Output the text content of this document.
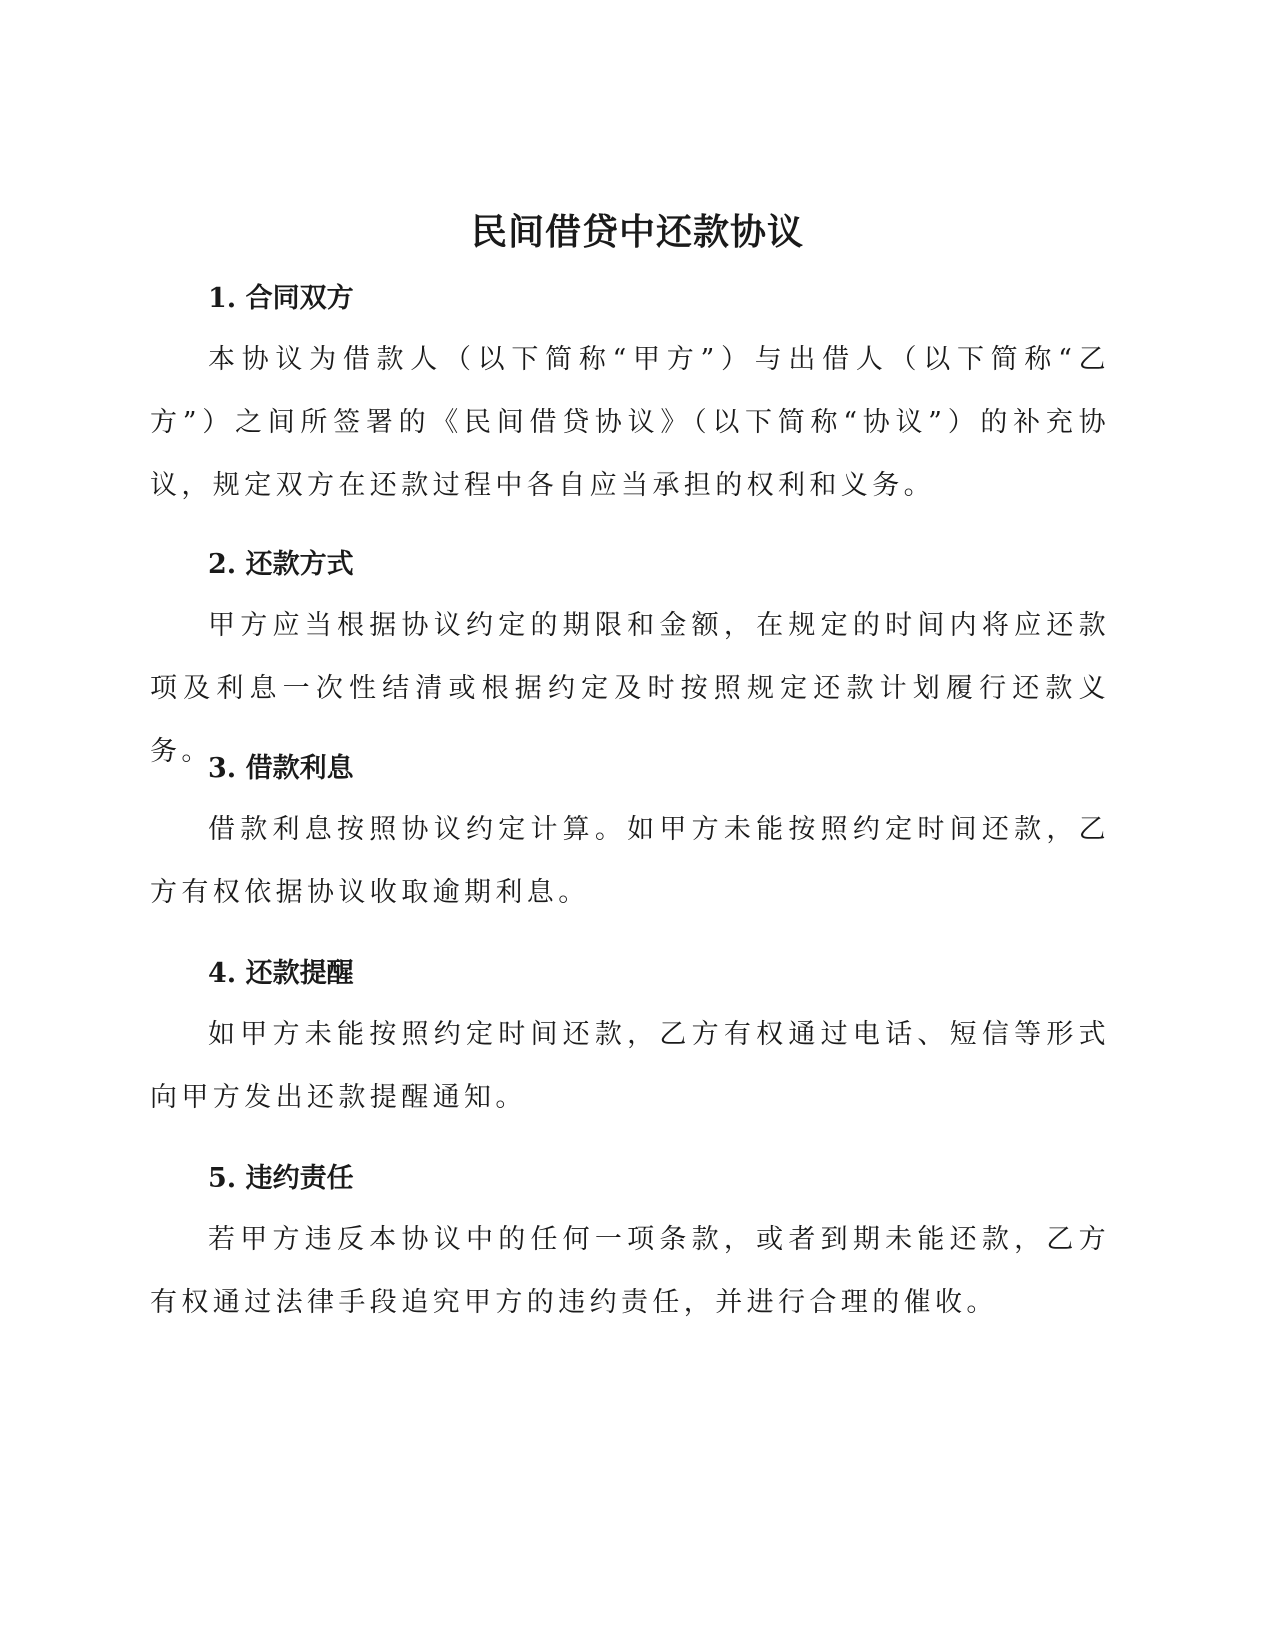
民间借贷中还款协议
1. 合同双方

本协议为借款人（以下简称“甲方”）与出借人（以下简称“乙方”）之间所签署的《民间借贷协议》（以下简称“协议”）的补充协议，规定双方在还款过程中各自应当承担的权利和义务。

2. 还款方式

甲方应当根据协议约定的期限和金额，在规定的时间内将应还款项及利息一次性结清或根据约定及时按照规定还款计划履行还款义务。

3. 借款利息

借款利息按照协议约定计算。如甲方未能按照约定时间还款，乙方有权依据协议收取逾期利息。

4. 还款提醒

如甲方未能按照约定时间还款，乙方有权通过电话、短信等形式向甲方发出还款提醒通知。

5. 违约责任

若甲方违反本协议中的任何一项条款，或者到期未能还款，乙方有权通过法律手段追究甲方的违约责任，并进行合理的催收。
